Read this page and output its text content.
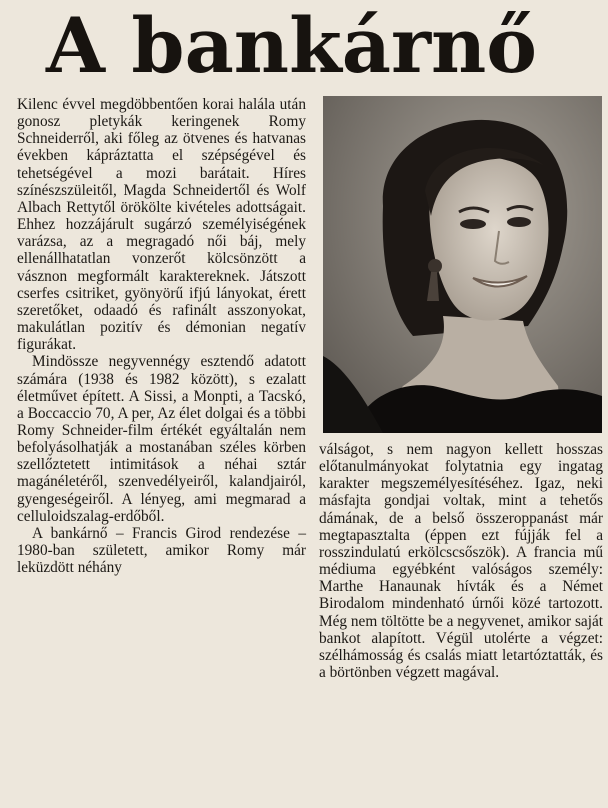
A bankárnő

Kilenc évvel megdöbbentően korai halála után gonosz pletykák keringenek Romy Schneiderről, aki főleg az ötvenes és hatvanas években kápráztatta el szépségével és tehetségével a mozi barátait. Híres színészszüleitől, Magda Schneidertől és Wolf Albach Rettytől örökölte kivételes adottságait. Ehhez hozzájárult sugárzó személyiségének varázsa, az a megragadó női báj, mely ellenállhatatlan vonzerőt kölcsönzött a vásznon megformált karaktereknek. Játszott cserfes csitriket, gyönyörű ifjú lányokat, érett szeretőket, odaadó és rafinált asszonyokat, makulátlan pozitív és démonian negatív figurákat.

Mindössze negyvennégy esztendő adatott számára (1938 és 1982 között), s ezalatt életművet épített. A Sissi, a Monpti, a Tacskó, a Boccaccio 70, A per, Az élet dolgai és a többi Romy Schneider-film értékét egyáltalán nem befolyásolhatják a mostanában széles körben szellőztetett intimitások a néhai sztár magánéletéről, szenvedélyeiről, kalandjairól, gyengeségeiről. A lényeg, ami megmarad a celluloidszalag-erdőből.

A bankárnő – Francis Girod rendezése – 1980-ban született, amikor Romy már leküzdött néhány

válságot, s nem nagyon kellett hosszas előtanulmányokat folytatnia egy ingatag karakter megszemélyesítéséhez. Igaz, neki másfajta gondjai voltak, mint a tehetős dámának, de a belső összeroppanást már megtapasztalta (éppen ezt fújják fel a rosszindulatú erkölcscsőszök). A francia mű médiuma egyébként valóságos személy: Marthe Hanaunak hívták és a Német Birodalom mindenható úrnői közé tartozott. Még nem töltötte be a negyvenet, amikor saját bankot alapított. Végül utolérte a végzet: szélhámosság és csalás miatt letartóztatták, és a börtönben végzett magával.
